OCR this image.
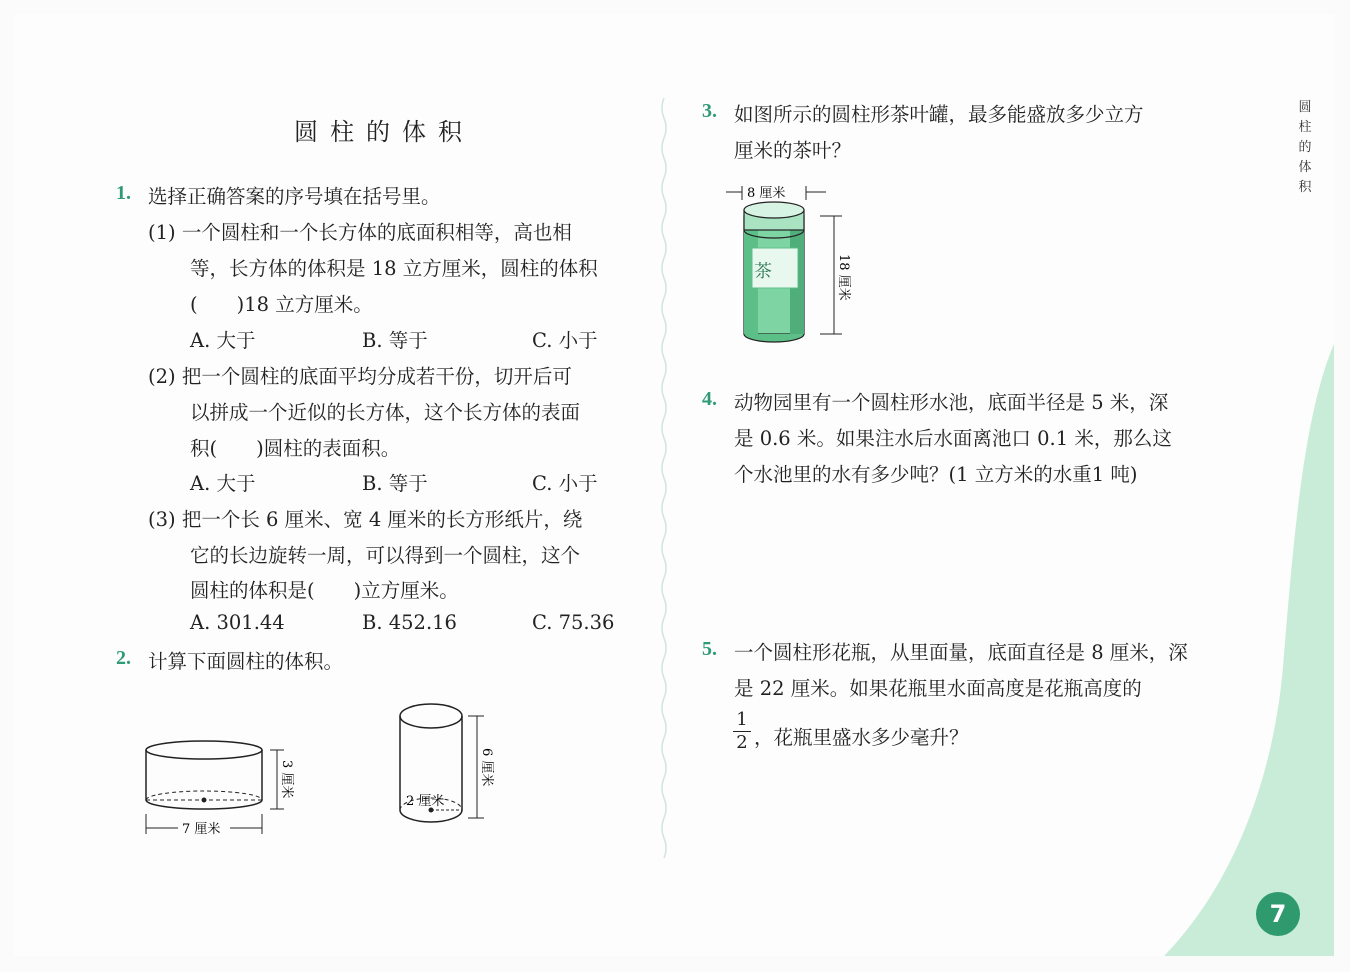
圆柱的体积
圆
柱
的
体
积
1. 选择正确答案的序号填在括号里。
(1) 一个圆柱和一个长方体的底面积相等，高也相
等，长方体的体积是 18 立方厘米，圆柱的体积
(　　)18 立方厘米。
A. 大于	B. 等于	C. 小于
(2) 把一个圆柱的底面平均分成若干份，切开后可
以拼成一个近似的长方体，这个长方体的表面
积(　　)圆柱的表面积。
A. 大于	B. 等于	C. 小于
(3) 把一个长 6 厘米、宽 4 厘米的长方形纸片，绕
它的长边旋转一周，可以得到一个圆柱，这个
圆柱的体积是(　　)立方厘米。
A. 301.44	B. 452.16	C. 75.36
2. 计算下面圆柱的体积。
3 厘米
7 厘米
2 厘米
6 厘米
3. 如图所示的圆柱形茶叶罐，最多能盛放多少立方
厘米的茶叶？
8 厘米
茶	18 厘米
4. 动物园里有一个圆柱形水池，底面半径是 5 米，深
是 0.6 米。如果注水后水面离池口 0.1 米，那么这
个水池里的水有多少吨？(1 立方米的水重1 吨)
5. 一个圆柱形花瓶，从里面量，底面直径是 8 厘米，深
是 22 厘米。如果花瓶里水面高度是花瓶高度的
1
2 ，花瓶里盛水多少毫升？
7
